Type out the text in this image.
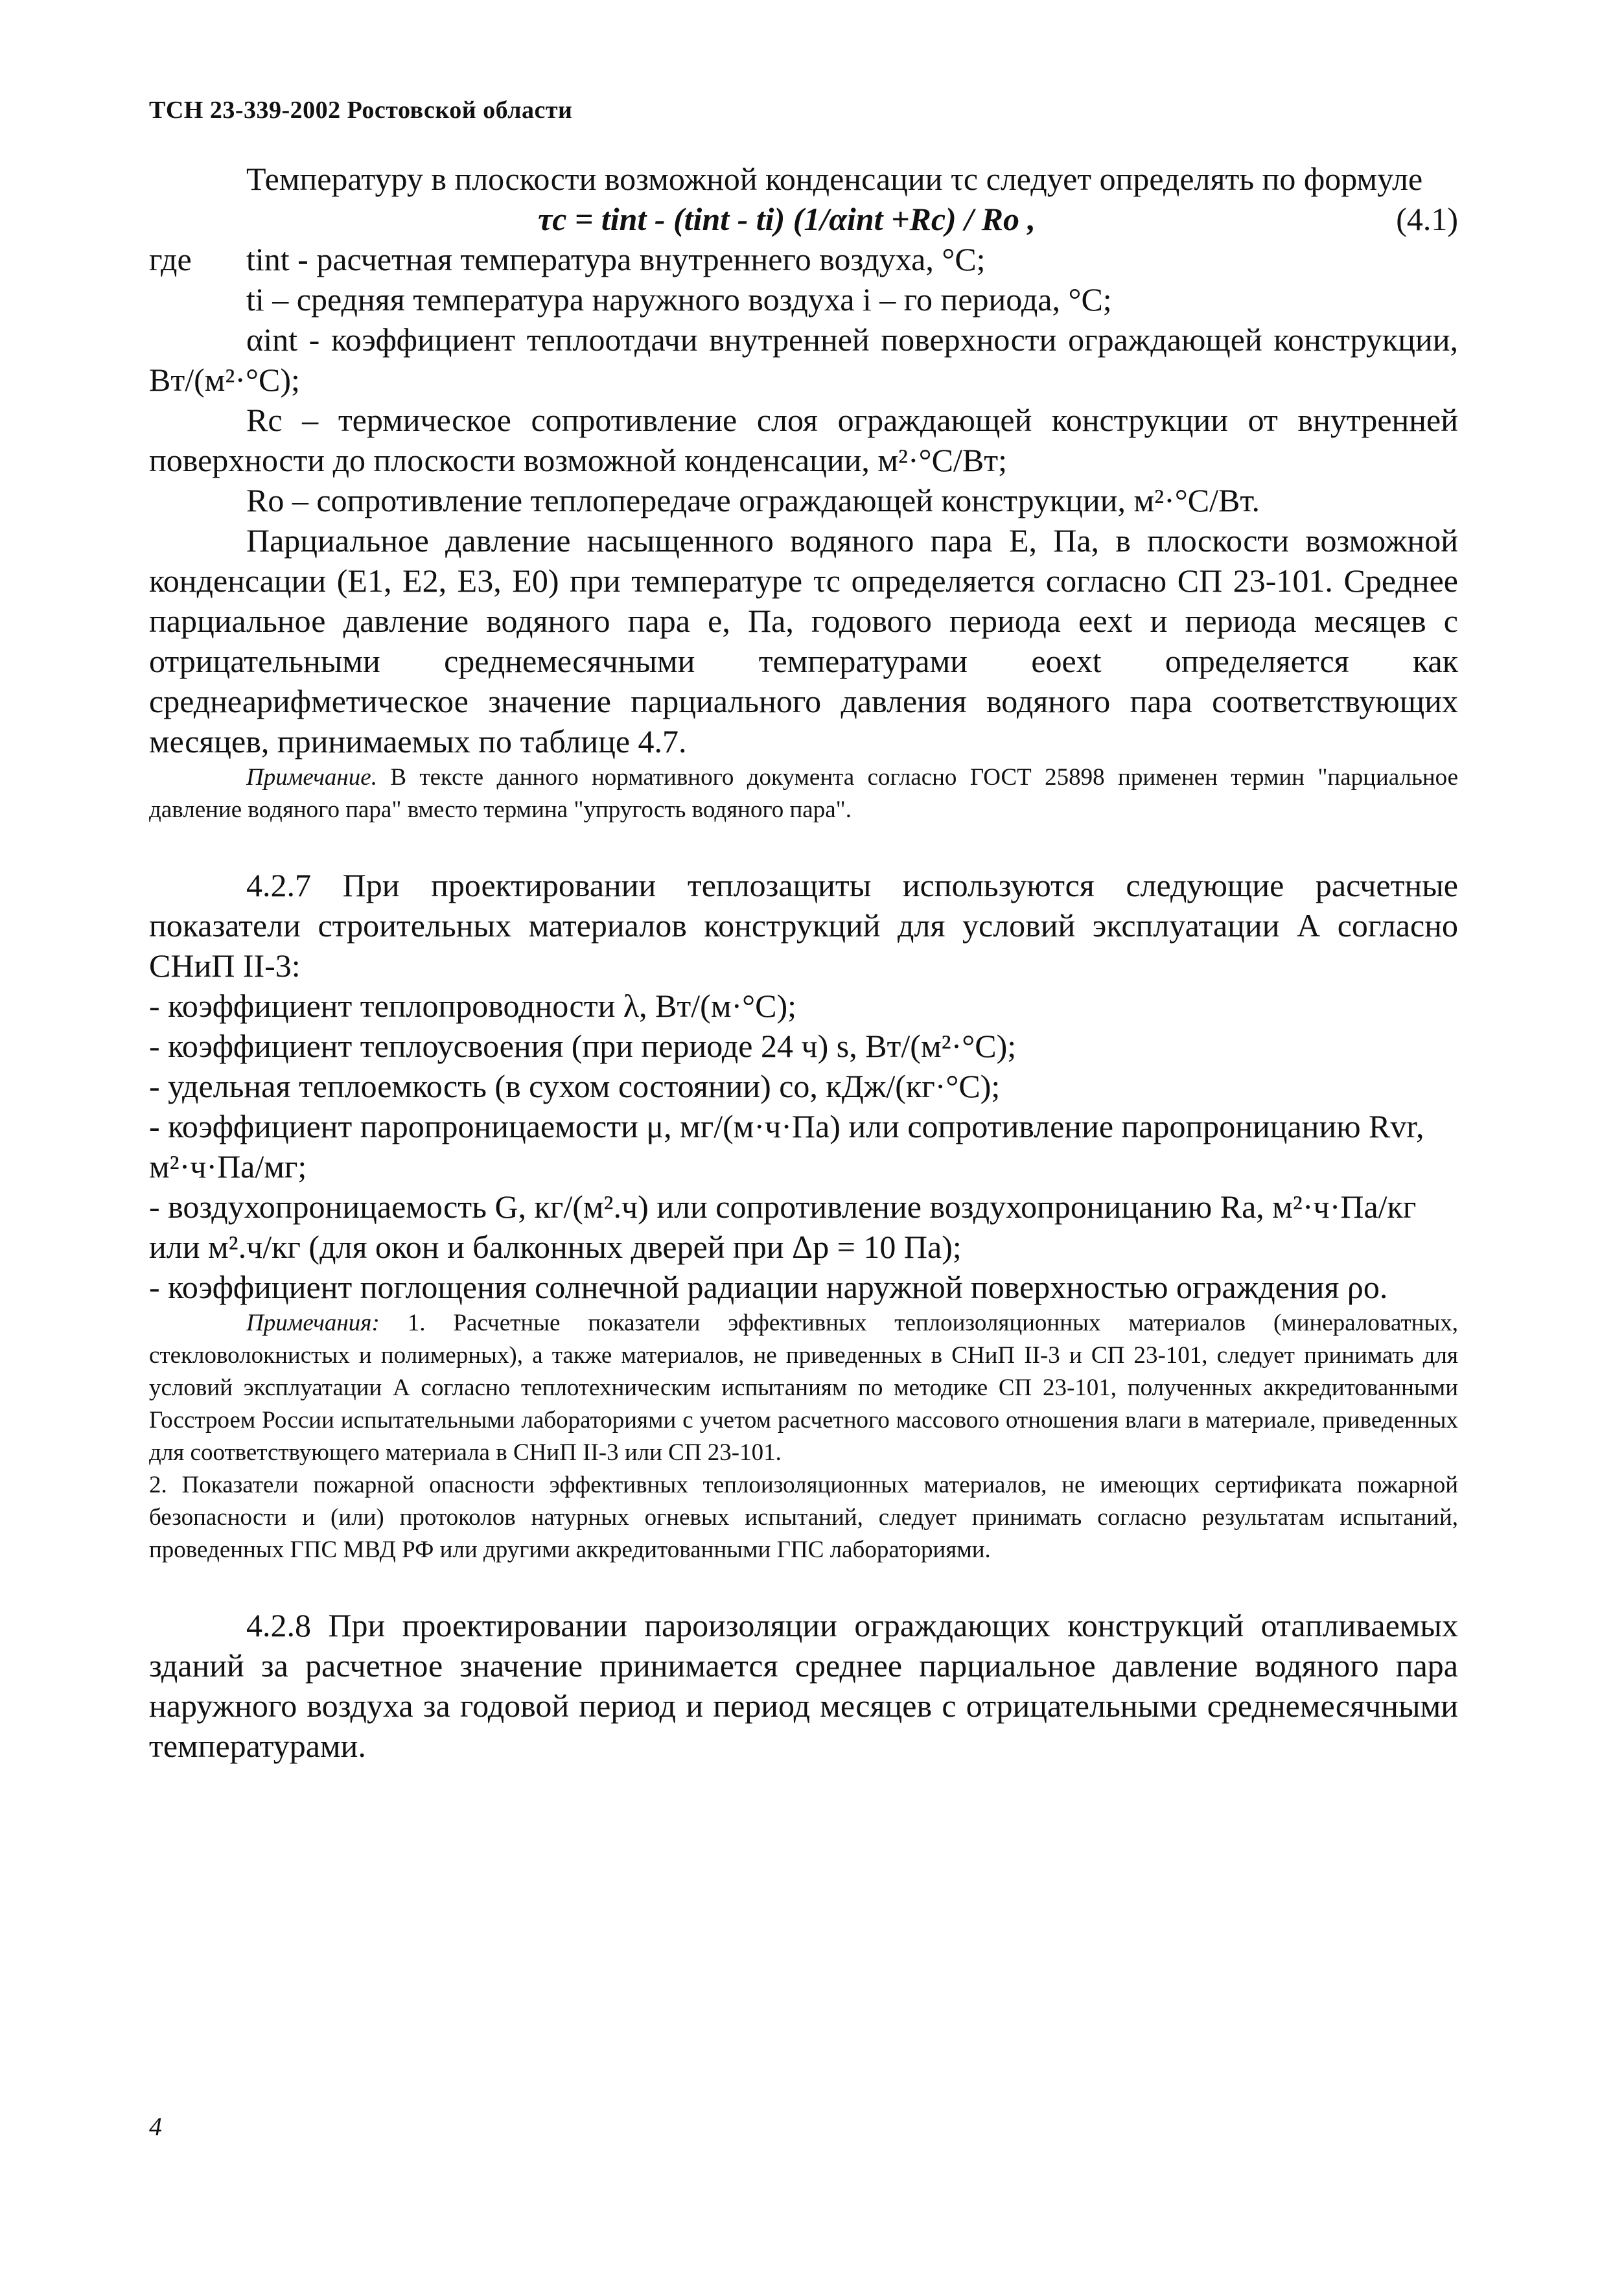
ТСН 23-339-2002 Ростовской области

Температуру в плоскости возможной конденсации τc следует определять по формуле

τc = tint - (tint - ti) (1/αint +Rc) / Ro ,	(4.1)

где tint - расчетная температура внутреннего воздуха, °С;

ti – средняя температура наружного воздуха i – го периода, °С;

αint - коэффициент теплоотдачи внутренней поверхности ограждающей конструкции, Вт/(м²·°С);

Rc – термическое сопротивление слоя ограждающей конструкции от внутренней поверхности до плоскости возможной конденсации, м²·°С/Вт;

Ro – сопротивление теплопередаче ограждающей конструкции, м²·°С/Вт.

Парциальное давление насыщенного водяного пара E, Па, в плоскости возможной конденсации (E1, E2, E3, E0) при температуре τc определяется согласно СП 23-101. Среднее парциальное давление водяного пара e, Па, годового периода eext и периода месяцев с отрицательными среднемесячными температурами eoext определяется как среднеарифметическое значение парциального давления водяного пара соответствующих месяцев, принимаемых по таблице 4.7.

Примечание. В тексте данного нормативного документа согласно ГОСТ 25898 применен термин "парциальное давление водяного пара" вместо термина "упругость водяного пара".

4.2.7 При проектировании теплозащиты используются следующие расчетные показатели строительных материалов конструкций для условий эксплуатации А согласно СНиП II-3:

- коэффициент теплопроводности λ, Вт/(м·°С);

- коэффициент теплоусвоения (при периоде 24 ч) s, Вт/(м²·°С);

- удельная теплоемкость (в сухом состоянии) co, кДж/(кг·°С);

- коэффициент паропроницаемости μ, мг/(м·ч·Па) или сопротивление паропроницанию Rvr, м²·ч·Па/мг;

- воздухопроницаемость G, кг/(м².ч) или сопротивление воздухопроницанию Ra, м²·ч·Па/кг или м².ч/кг (для окон и балконных дверей при Δp = 10 Па);

- коэффициент поглощения солнечной радиации наружной поверхностью ограждения ρo.

Примечания: 1. Расчетные показатели эффективных теплоизоляционных материалов (минераловатных, стекловолокнистых и полимерных), а также материалов, не приведенных в СНиП II-3 и СП 23-101, следует принимать для условий эксплуатации А согласно теплотехническим испытаниям по методике СП 23-101, полученных аккредитованными Госстроем России испытательными лабораториями с учетом расчетного массового отношения влаги в материале, приведенных для соответствующего материала в СНиП II-3 или СП 23-101.

2. Показатели пожарной опасности эффективных теплоизоляционных материалов, не имеющих сертификата пожарной безопасности и (или) протоколов натурных огневых испытаний, следует принимать согласно результатам испытаний, проведенных ГПС МВД РФ или другими аккредитованными ГПС лабораториями.

4.2.8 При проектировании пароизоляции ограждающих конструкций отапливаемых зданий за расчетное значение принимается среднее парциальное давление водяного пара наружного воздуха за годовой период и период месяцев с отрицательными среднемесячными температурами.

4
